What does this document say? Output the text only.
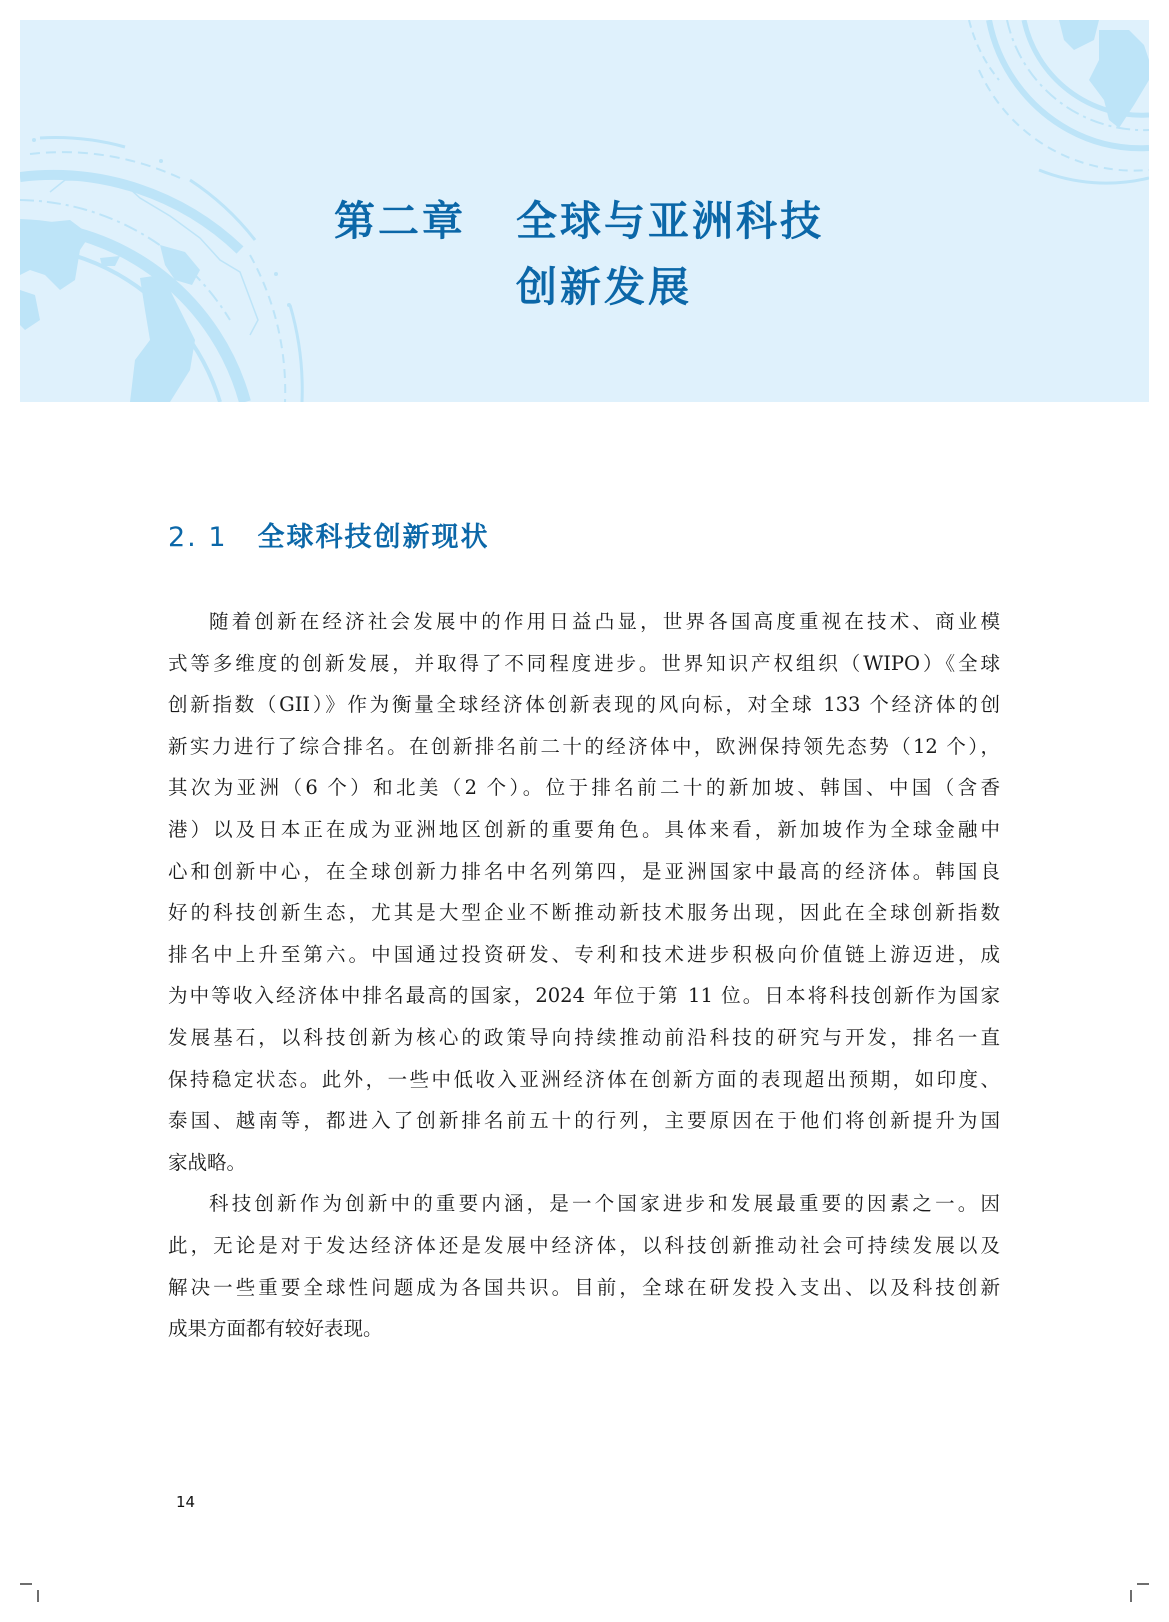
第二章 全球与亚洲科技
创新发展
2. 1 全球科技创新现状
随着创新在经济社会发展中的作用日益凸显，世界各国高度重视在技术、商业模
式等多维度的创新发展，并取得了不同程度进步。世界知识产权组织（WIPO）《全球
创新指数（GII）》作为衡量全球经济体创新表现的风向标，对全球 133 个经济体的创
新实力进行了综合排名。在创新排名前二十的经济体中，欧洲保持领先态势（12 个），
其次为亚洲（6 个）和北美（2 个）。位于排名前二十的新加坡、韩国、中国（含香
港）以及日本正在成为亚洲地区创新的重要角色。具体来看，新加坡作为全球金融中
心和创新中心，在全球创新力排名中名列第四，是亚洲国家中最高的经济体。韩国良
好的科技创新生态，尤其是大型企业不断推动新技术服务出现，因此在全球创新指数
排名中上升至第六。中国通过投资研发、专利和技术进步积极向价值链上游迈进，成
为中等收入经济体中排名最高的国家，2024 年位于第 11 位。日本将科技创新作为国家
发展基石，以科技创新为核心的政策导向持续推动前沿科技的研究与开发，排名一直
保持稳定状态。此外，一些中低收入亚洲经济体在创新方面的表现超出预期，如印度、
泰国、越南等，都进入了创新排名前五十的行列，主要原因在于他们将创新提升为国
家战略。
科技创新作为创新中的重要内涵，是一个国家进步和发展最重要的因素之一。因
此，无论是对于发达经济体还是发展中经济体，以科技创新推动社会可持续发展以及
解决一些重要全球性问题成为各国共识。目前，全球在研发投入支出、以及科技创新
成果方面都有较好表现。
14
